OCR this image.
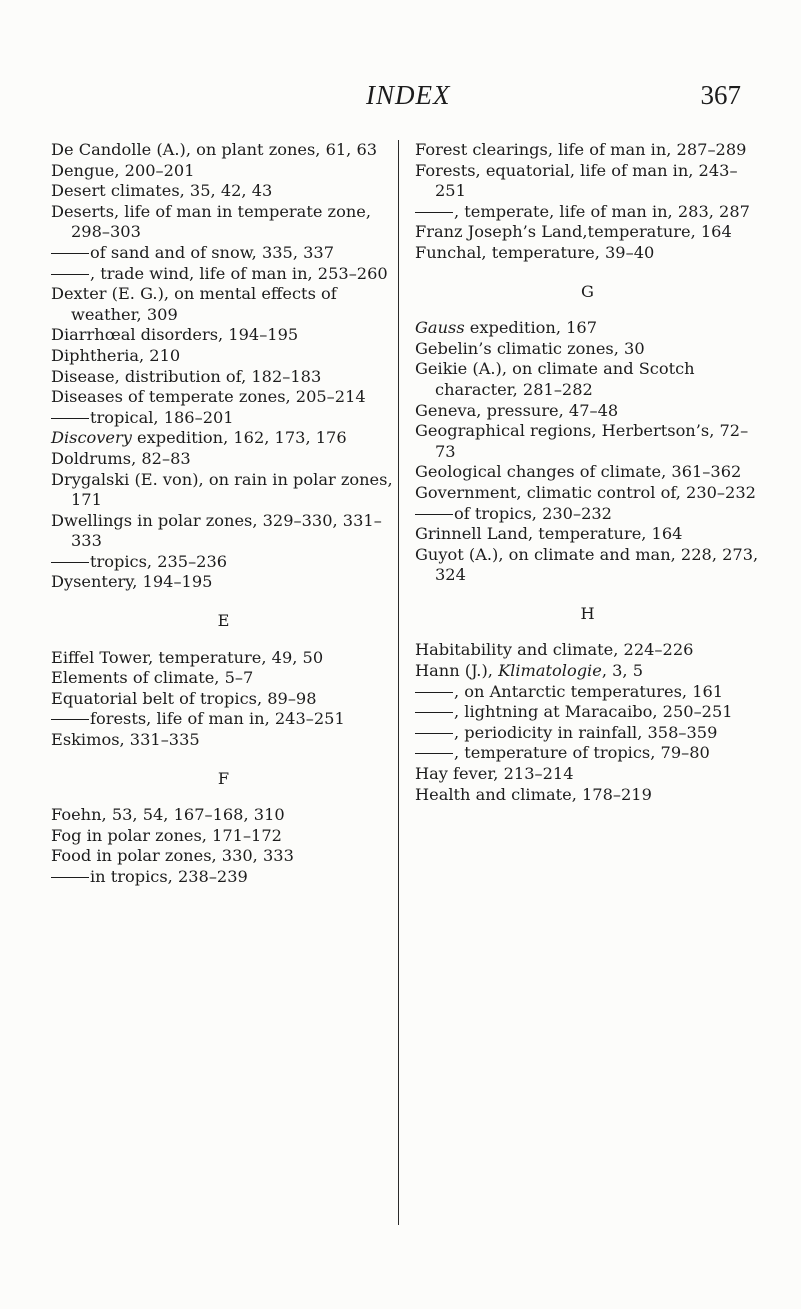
INDEX	367
De Candolle (A.), on plant zones, 61, 63
Dengue, 200–201
Desert climates, 35, 42, 43
Deserts, life of man in temperate zone, 298–303
of sand and of snow, 335, 337
, trade wind, life of man in, 253–260
Dexter (E. G.), on mental effects of weather, 309
Diarrhœal disorders, 194–195
Diphtheria, 210
Disease, distribution of, 182–183
Diseases of temperate zones, 205–214
tropical, 186–201
Discovery expedition, 162, 173, 176
Doldrums, 82–83
Drygalski (E. von), on rain in polar zones, 171
Dwellings in polar zones, 329–330, 331–333
tropics, 235–236
Dysentery, 194–195
E
Eiffel Tower, temperature, 49, 50
Elements of climate, 5–7
Equatorial belt of tropics, 89–98
forests, life of man in, 243–251
Eskimos, 331–335
F
Foehn, 53, 54, 167–168, 310
Fog in polar zones, 171–172
Food in polar zones, 330, 333
in tropics, 238–239
Forest clearings, life of man in, 287–289
Forests, equatorial, life of man in, 243–251
, temperate, life of man in, 283, 287
Franz Joseph’s Land,temperature, 164
Funchal, temperature, 39–40
G
Gauss expedition, 167
Gebelin’s climatic zones, 30
Geikie (A.), on climate and Scotch character, 281–282
Geneva, pressure, 47–48
Geographical regions, Herbertson’s, 72–73
Geological changes of climate, 361–362
Government, climatic control of, 230–232
of tropics, 230–232
Grinnell Land, temperature, 164
Guyot (A.), on climate and man, 228, 273, 324
H
Habitability and climate, 224–226
Hann (J.), Klimatologie, 3, 5
, on Antarctic temperatures, 161
, lightning at Maracaibo, 250–251
, periodicity in rainfall, 358–359
, temperature of tropics, 79–80
Hay fever, 213–214
Health and climate, 178–219
